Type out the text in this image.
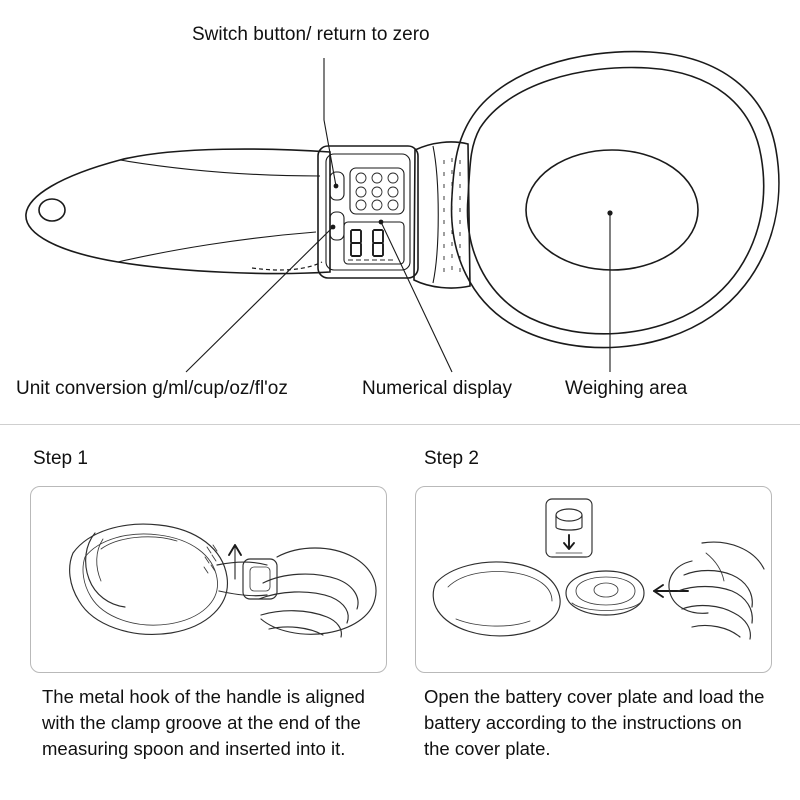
Switch button/ return to zero
Unit conversion g/ml/cup/oz/fl'oz	Numerical display	Weighing area
Step 1
The metal hook of the handle is aligned with the clamp groove at the end of the measuring spoon and inserted into it.
Step 2
Open the battery cover plate and load the battery according to the instructions on the cover plate.
